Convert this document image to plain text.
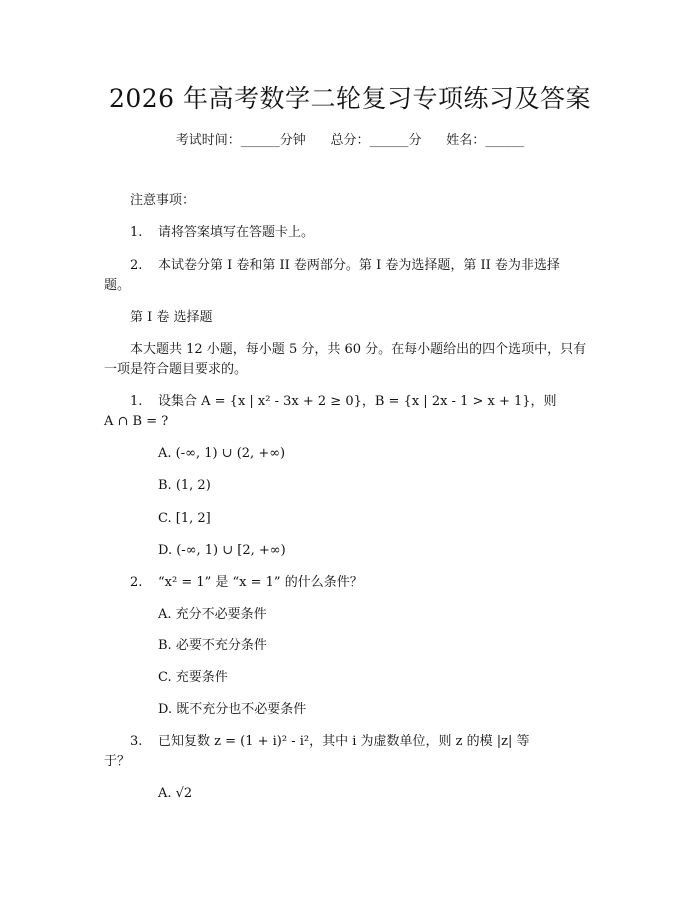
2026 年高考数学二轮复习专项练习及答案
考试时间：______分钟      总分：______分      姓名：______
注意事项：
1. 请将答案填写在答题卡上。
2. 本试卷分第 I 卷和第 II 卷两部分。第 I 卷为选择题，第 II 卷为非选择
题。
第 I 卷 选择题
本大题共 12 小题，每小题 5 分，共 60 分。在每小题给出的四个选项中，只有
一项是符合题目要求的。
1. 设集合 A = {x | x² - 3x + 2 ≥ 0}，B = {x | 2x - 1 > x + 1}，则
A ∩ B = ?
A. (-∞, 1) ∪ (2, +∞)
B. (1, 2)
C. [1, 2]
D. (-∞, 1) ∪ [2, +∞)
2. “x² = 1” 是 “x = 1” 的什么条件？
A. 充分不必要条件
B. 必要不充分条件
C. 充要条件
D. 既不充分也不必要条件
3. 已知复数 z = (1 + i)² - i²，其中 i 为虚数单位，则 z 的模 |z| 等
于？
A. √2
